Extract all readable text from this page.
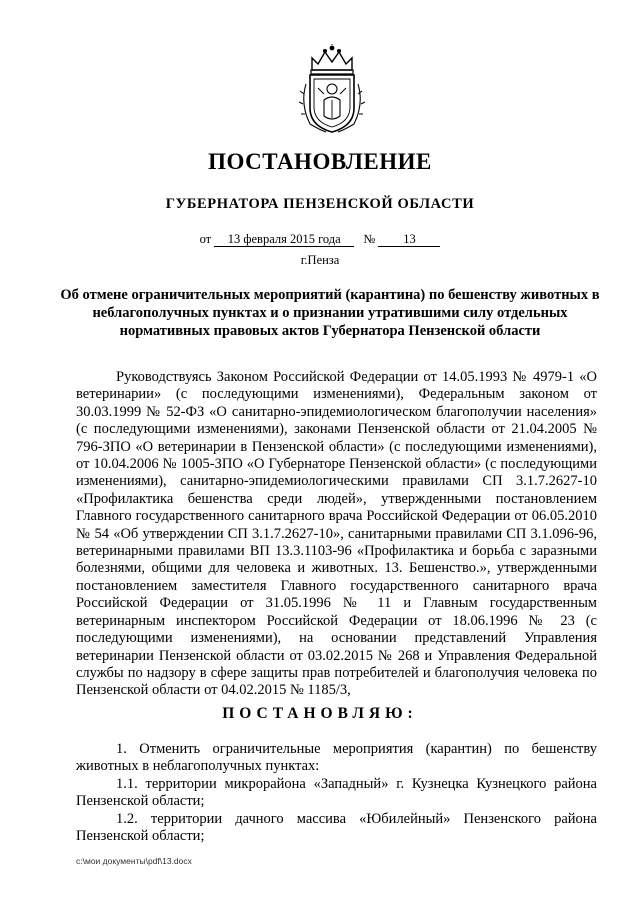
ПОСТАНОВЛЕНИЕ
ГУБЕРНАТОРА ПЕНЗЕНСКОЙ ОБЛАСТИ
от 13 февраля 2015 года № 13
г.Пенза
Об отмене ограничительных мероприятий (карантина) по бешенству животных в неблагополучных пунктах и о признании утратившими силу отдельных нормативных правовых актов Губернатора Пензенской области

Руководствуясь Законом Российской Федерации от 14.05.1993 № 4979-1 «О ветеринарии» (с последующими изменениями), Федеральным законом от 30.03.1999 № 52-ФЗ «О санитарно-эпидемиологическом благополучии населения» (с последующими изменениями), законами Пензенской области от 21.04.2005 № 796-ЗПО «О ветеринарии в Пензенской области» (с последующими изменениями), от 10.04.2006 № 1005-ЗПО «О Губернаторе Пензенской области» (с последующими изменениями), санитарно-эпидемиологическими правилами СП 3.1.7.2627-10 «Профилактика бешенства среди людей», утвержденными постановлением Главного государственного санитарного врача Российской Федерации от 06.05.2010 № 54 «Об утверждении СП 3.1.7.2627-10», санитарными правилами СП 3.1.096-96, ветеринарными правилами ВП 13.3.1103-96 «Профилактика и борьба с заразными болезнями, общими для человека и животных. 13. Бешенство.», утвержденными постановлением заместителя Главного государственного санитарного врача Российской Федерации от 31.05.1996 № 11 и Главным государственным ветеринарным инспектором Российской Федерации от 18.06.1996 № 23 (с последующими изменениями), на основании представлений Управления ветеринарии Пензенской области от 03.02.2015 № 268 и Управления Федеральной службы по надзору в сфере защиты прав потребителей и благополучия человека по Пензенской области от 04.02.2015 № 1185/3,

ПОСТАНОВЛЯЮ:

1. Отменить ограничительные мероприятия (карантин) по бешенству животных в неблагополучных пунктах:

1.1. территории микрорайона «Западный» г. Кузнецка Кузнецкого района Пензенской области;

1.2. территории дачного массива «Юбилейный» Пензенского района Пензенской области;

c:\мои документы\pdf\13.docx
